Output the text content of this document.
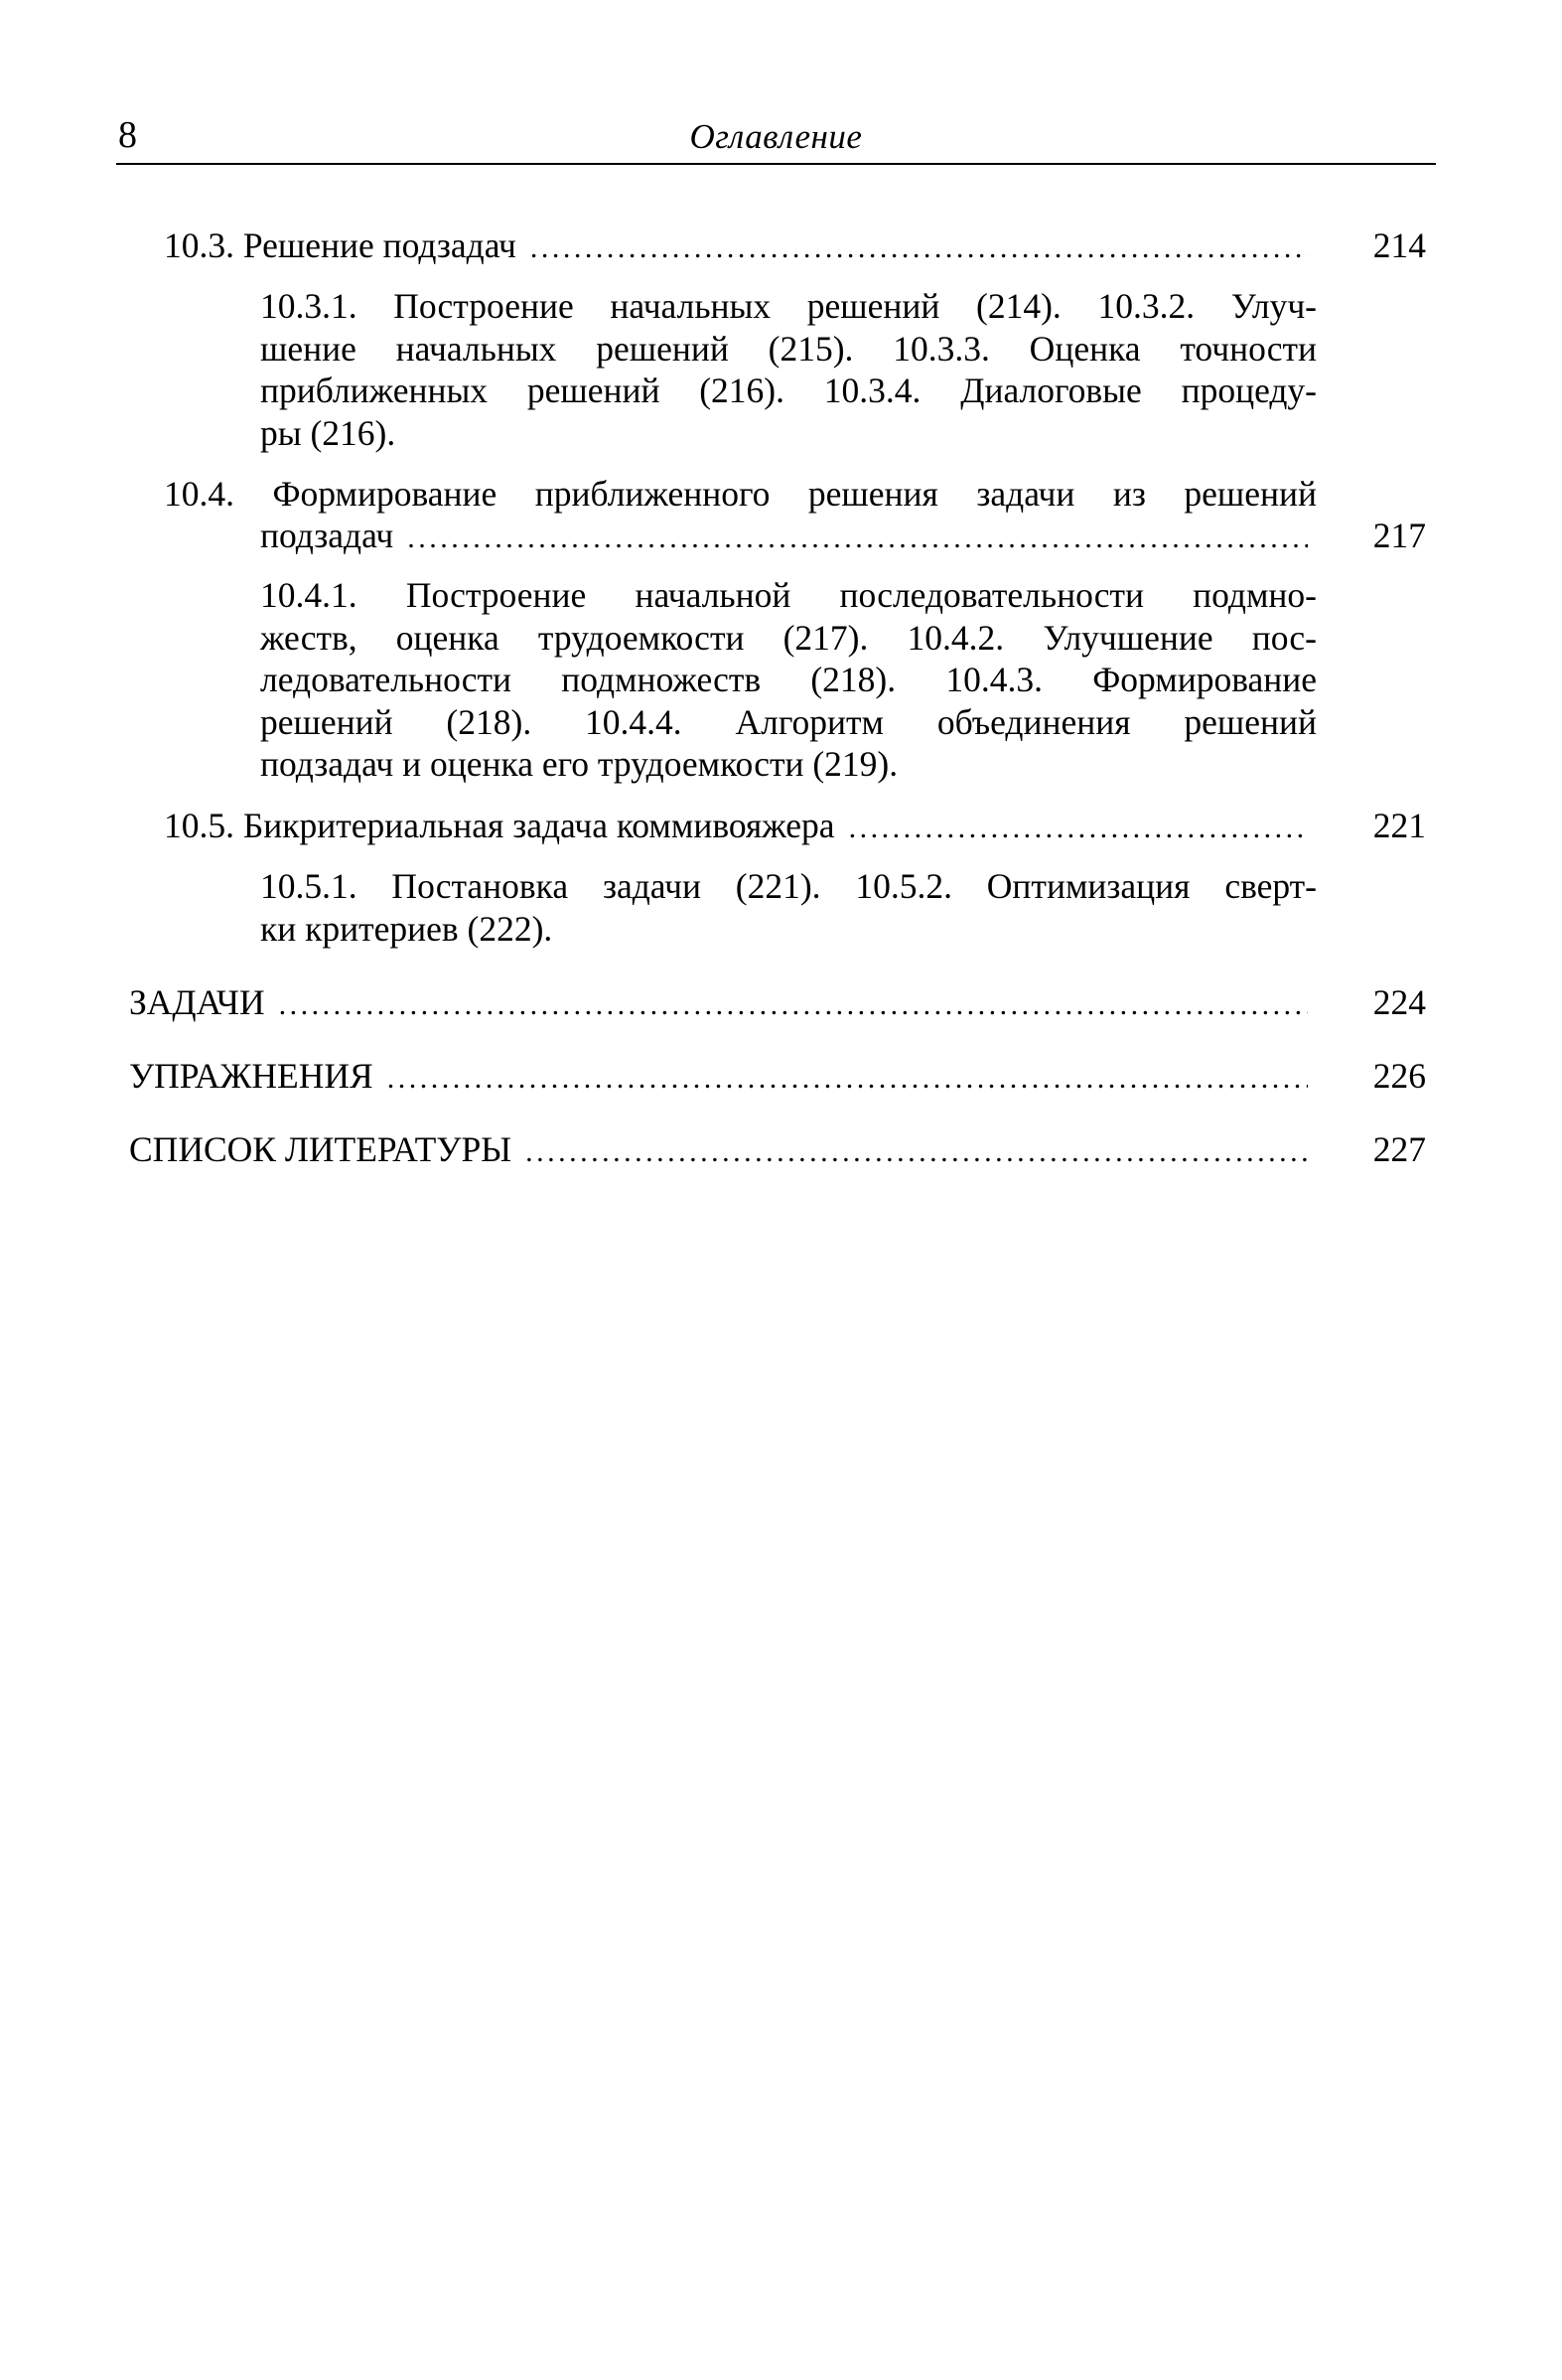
8	Оглавление
10.3. Решение подзадач . . .	214
10.3.1. Построение начальных решений (214). 10.3.2. Улуч-
шение начальных решений (215). 10.3.3. Оценка точности
приближенных решений (216). 10.3.4. Диалоговые процеду-
ры (216).
10.4. Формирование приближенного решения задачи из решений
подзадач . . .	217
10.4.1. Построение начальной последовательности подмно-
жеств, оценка трудоемкости (217). 10.4.2. Улучшение пос-
ледовательности подмножеств (218). 10.4.3. Формирование
решений (218). 10.4.4. Алгоритм объединения решений
подзадач и оценка его трудоемкости (219).
10.5. Бикритериальная задача коммивояжера . . .	221
10.5.1. Постановка задачи (221). 10.5.2. Оптимизация сверт-
ки критериев (222).
ЗАДАЧИ . . .	224
УПРАЖНЕНИЯ . . .	226
СПИСОК ЛИТЕРАТУРЫ . . .	227
